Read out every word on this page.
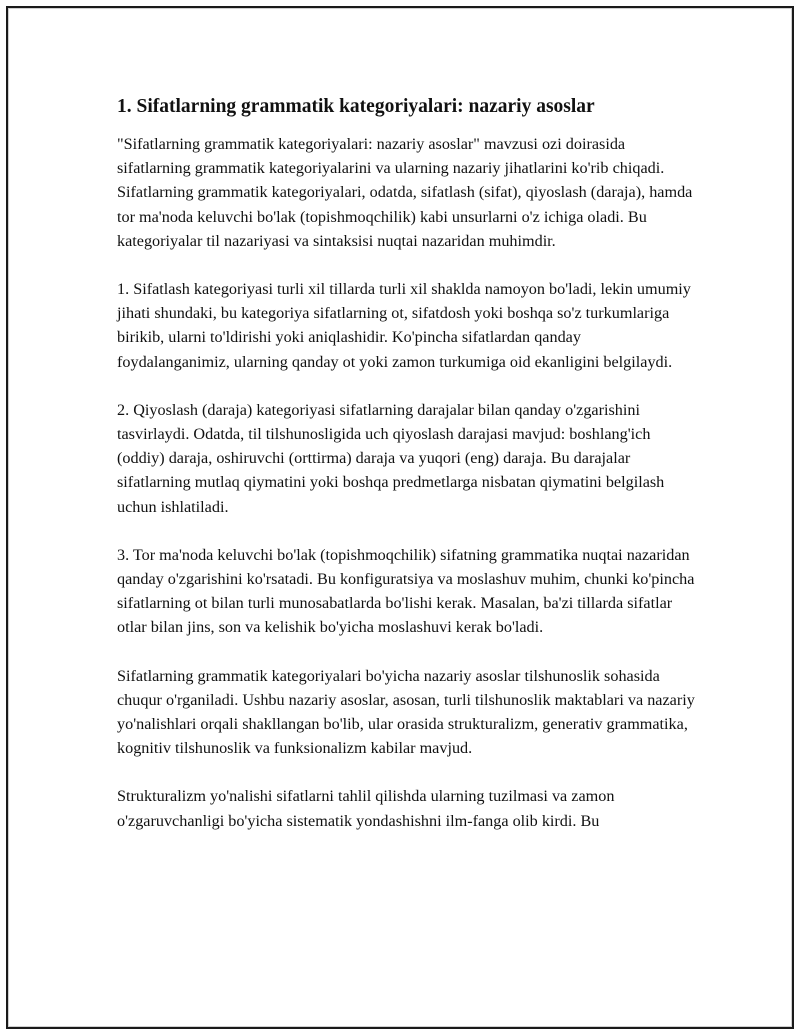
1. Sifatlarning grammatik kategoriyalari: nazariy asoslar

"Sifatlarning grammatik kategoriyalari: nazariy asoslar" mavzusi ozi doirasida sifatlarning grammatik kategoriyalarini va ularning nazariy jihatlarini ko'rib chiqadi. Sifatlarning grammatik kategoriyalari, odatda, sifatlash (sifat), qiyoslash (daraja), hamda tor ma'noda keluvchi bo'lak (topishmoqchilik) kabi unsurlarni o'z ichiga oladi. Bu kategoriyalar til nazariyasi va sintaksisi nuqtai nazaridan muhimdir.

1. Sifatlash kategoriyasi turli xil tillarda turli xil shaklda namoyon bo'ladi, lekin umumiy jihati shundaki, bu kategoriya sifatlarning ot, sifatdosh yoki boshqa so'z turkumlariga birikib, ularni to'ldirishi yoki aniqlashidir. Ko'pincha sifatlardan qanday foydalanganimiz, ularning qanday ot yoki zamon turkumiga oid ekanligini belgilaydi.

2. Qiyoslash (daraja) kategoriyasi sifatlarning darajalar bilan qanday o'zgarishini tasvirlaydi. Odatda, til tilshunosligida uch qiyoslash darajasi mavjud: boshlang'ich (oddiy) daraja, oshiruvchi (orttirma) daraja va yuqori (eng) daraja. Bu darajalar sifatlarning mutlaq qiymatini yoki boshqa predmetlarga nisbatan qiymatini belgilash uchun ishlatiladi.

3. Tor ma'noda keluvchi bo'lak (topishmoqchilik) sifatning grammatika nuqtai nazaridan qanday o'zgarishini ko'rsatadi. Bu konfiguratsiya va moslashuv muhim, chunki ko'pincha sifatlarning ot bilan turli munosabatlarda bo'lishi kerak. Masalan, ba'zi tillarda sifatlar otlar bilan jins, son va kelishik bo'yicha moslashuvi kerak bo'ladi.

Sifatlarning grammatik kategoriyalari bo'yicha nazariy asoslar tilshunoslik sohasida chuqur o'rganiladi. Ushbu nazariy asoslar, asosan, turli tilshunoslik maktablari va nazariy yo'nalishlari orqali shakllangan bo'lib, ular orasida strukturalizm, generativ grammatika, kognitiv tilshunoslik va funksionalizm kabilar mavjud.

Strukturalizm yo'nalishi sifatlarni tahlil qilishda ularning tuzilmasi va zamon o'zgaruvchanligi bo'yicha sistematik yondashishni ilm-fanga olib kirdi. Bu
